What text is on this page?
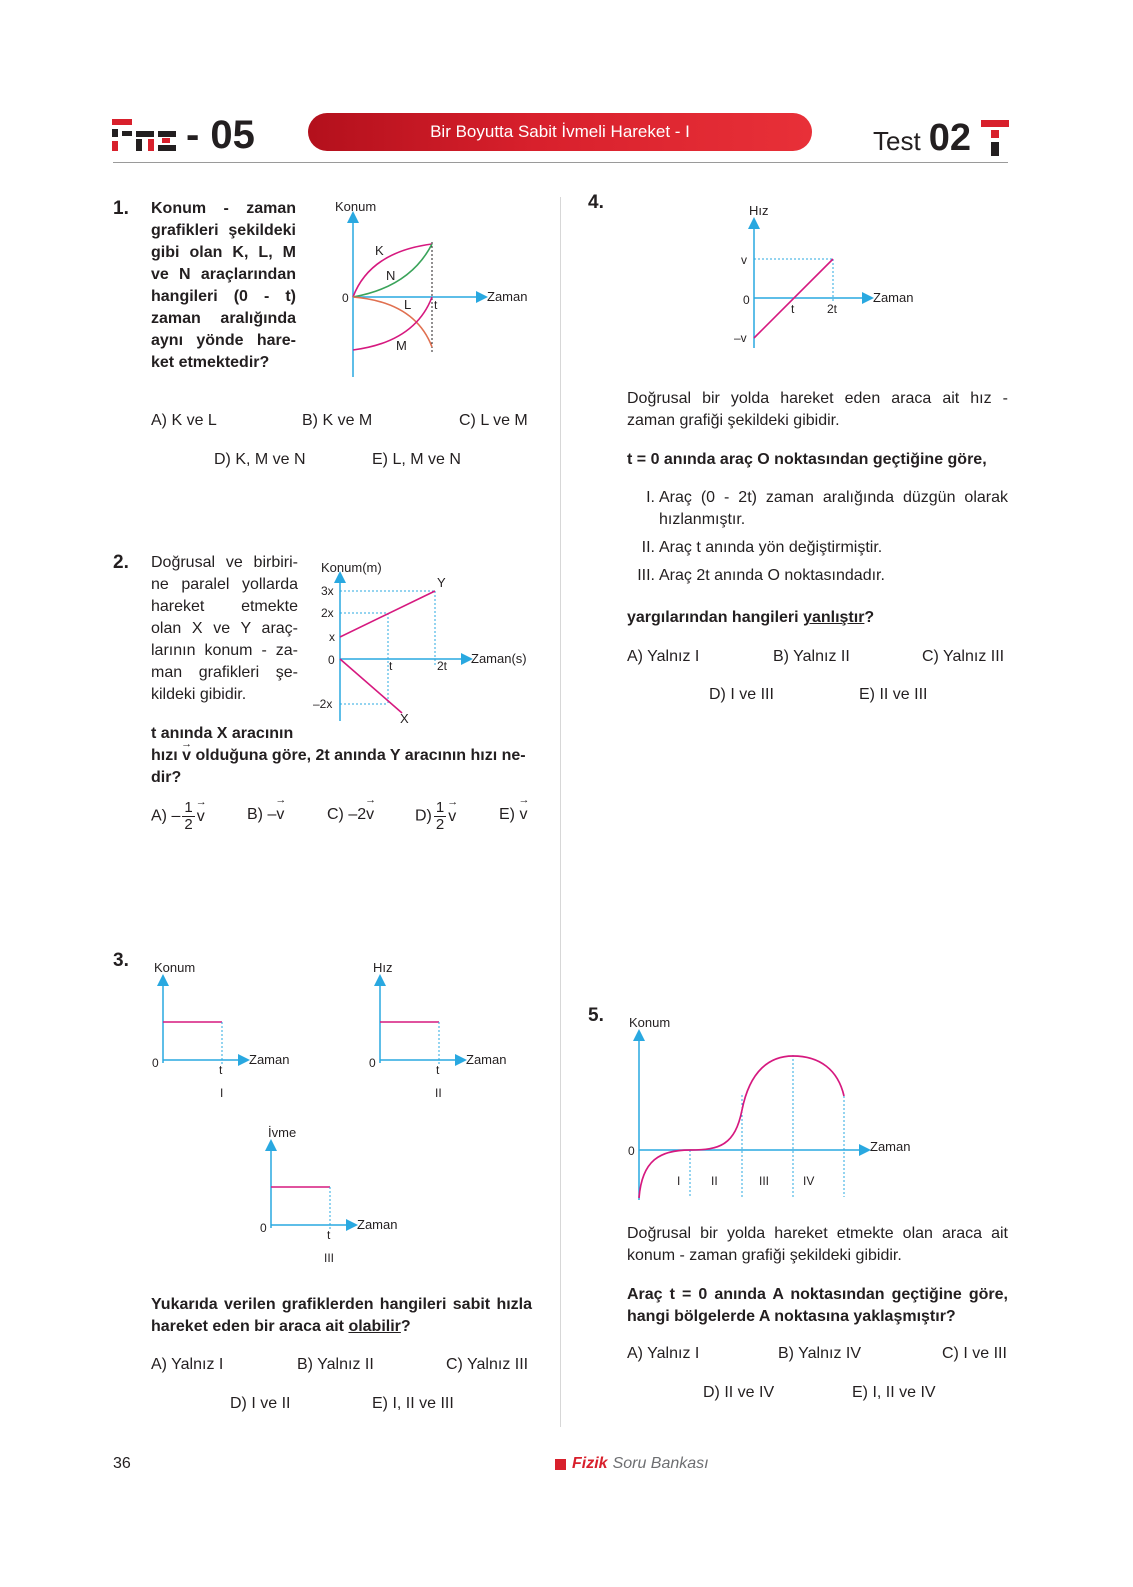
- 05	Bir Boyutta Sabit İvmeli Hareket - I	Test 02
1. Konum - zaman
grafikleri şekildeki
gibi olan K, L, M
ve N araçlarından
hangileri (0 - t)
zaman aralığında
aynı yönde hare-
ket etmektedir?
Konum
Zaman
0	t
K
N
L
M
A) K ve L	B) K ve M	C) L ve M
D) K, M ve N	E) L, M ve N
2. Doğrusal ve birbiri-
ne paralel yollarda
hareket etmekte
olan X ve Y araç-
larının konum - za-
man grafikleri şe-
kildeki gibidir.
Konum(m)
Zaman(s)
0
3x
2x
x
–2x
t	2t
Y
X
t anında X aracının
hızı → v olduğuna göre, 2t anında Y aracının hızı ne-
dir?
$A) - \frac{1}{2}$
→ v	B) –→ v	C) –2→ v	$D) \frac{1}{2}$
→ v	E) → v
3. Konum
Zaman
0	t
I
Hız
Zaman
0	t
II
İvme
Zaman
0	t
III
Yukarıda verilen grafiklerden hangileri sabit hızla
hareket eden bir araca ait olabilir?
A) Yalnız I	B) Yalnız II	C) Yalnız III
D) I ve II	E) I, II ve III
4.	Hız
Zaman
0
v
–v
t	2t
Doğrusal bir yolda hareket eden araca ait hız -
zaman grafiği şekildeki gibidir.
t = 0 anında araç O noktasından geçtiğine göre,
I. Araç (0 - 2t) zaman aralığında düzgün olarak
hızlanmıştır.
II. Araç t anında yön değiştirmiştir.
III. Araç 2t anında O noktasındadır.
yargılarından hangileri yanlıştır?
A) Yalnız I	B) Yalnız II	C) Yalnız III
D) I ve III	E) II ve III
5. Konum
Zaman
0
I	II	III	IV
Doğrusal bir yolda hareket etmekte olan araca ait
konum - zaman grafiği şekildeki gibidir.
Araç t = 0 anında A noktasından geçtiğine göre,
hangi bölgelerde A noktasına yaklaşmıştır?
A) Yalnız I	B) Yalnız IV	C) I ve III
D) II ve IV	E) I, II ve IV
36	Fizik Soru Bankası
